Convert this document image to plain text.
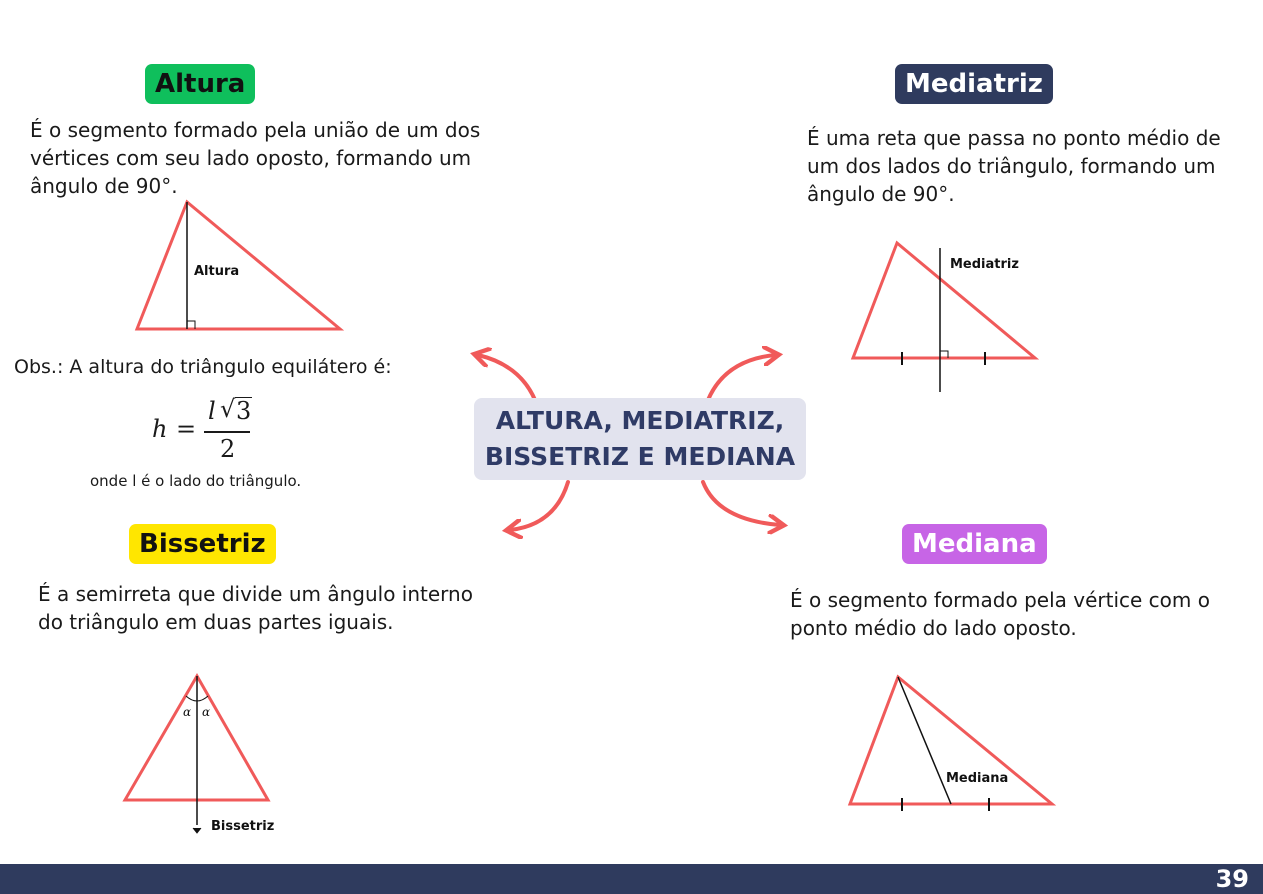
Altura

É o segmento formado pela união de um dos
vértices com seu lado oposto, formando um
ângulo de 90°.

Altura
Obs.: A altura do triângulo equilátero é:
h =
l √ 3
2
onde l é o lado do triângulo.
Mediatriz

É uma reta que passa no ponto médio de
um dos lados do triângulo, formando um
ângulo de 90°.

Mediatriz
ALTURA, MEDIATRIZ,
BISSETRIZ E MEDIANA
Bissetriz

É a semirreta que divide um ângulo interno
do triângulo em duas partes iguais.

α α
Bissetriz
Mediana

É o segmento formado pela vértice com o
ponto médio do lado oposto.

Mediana
39
